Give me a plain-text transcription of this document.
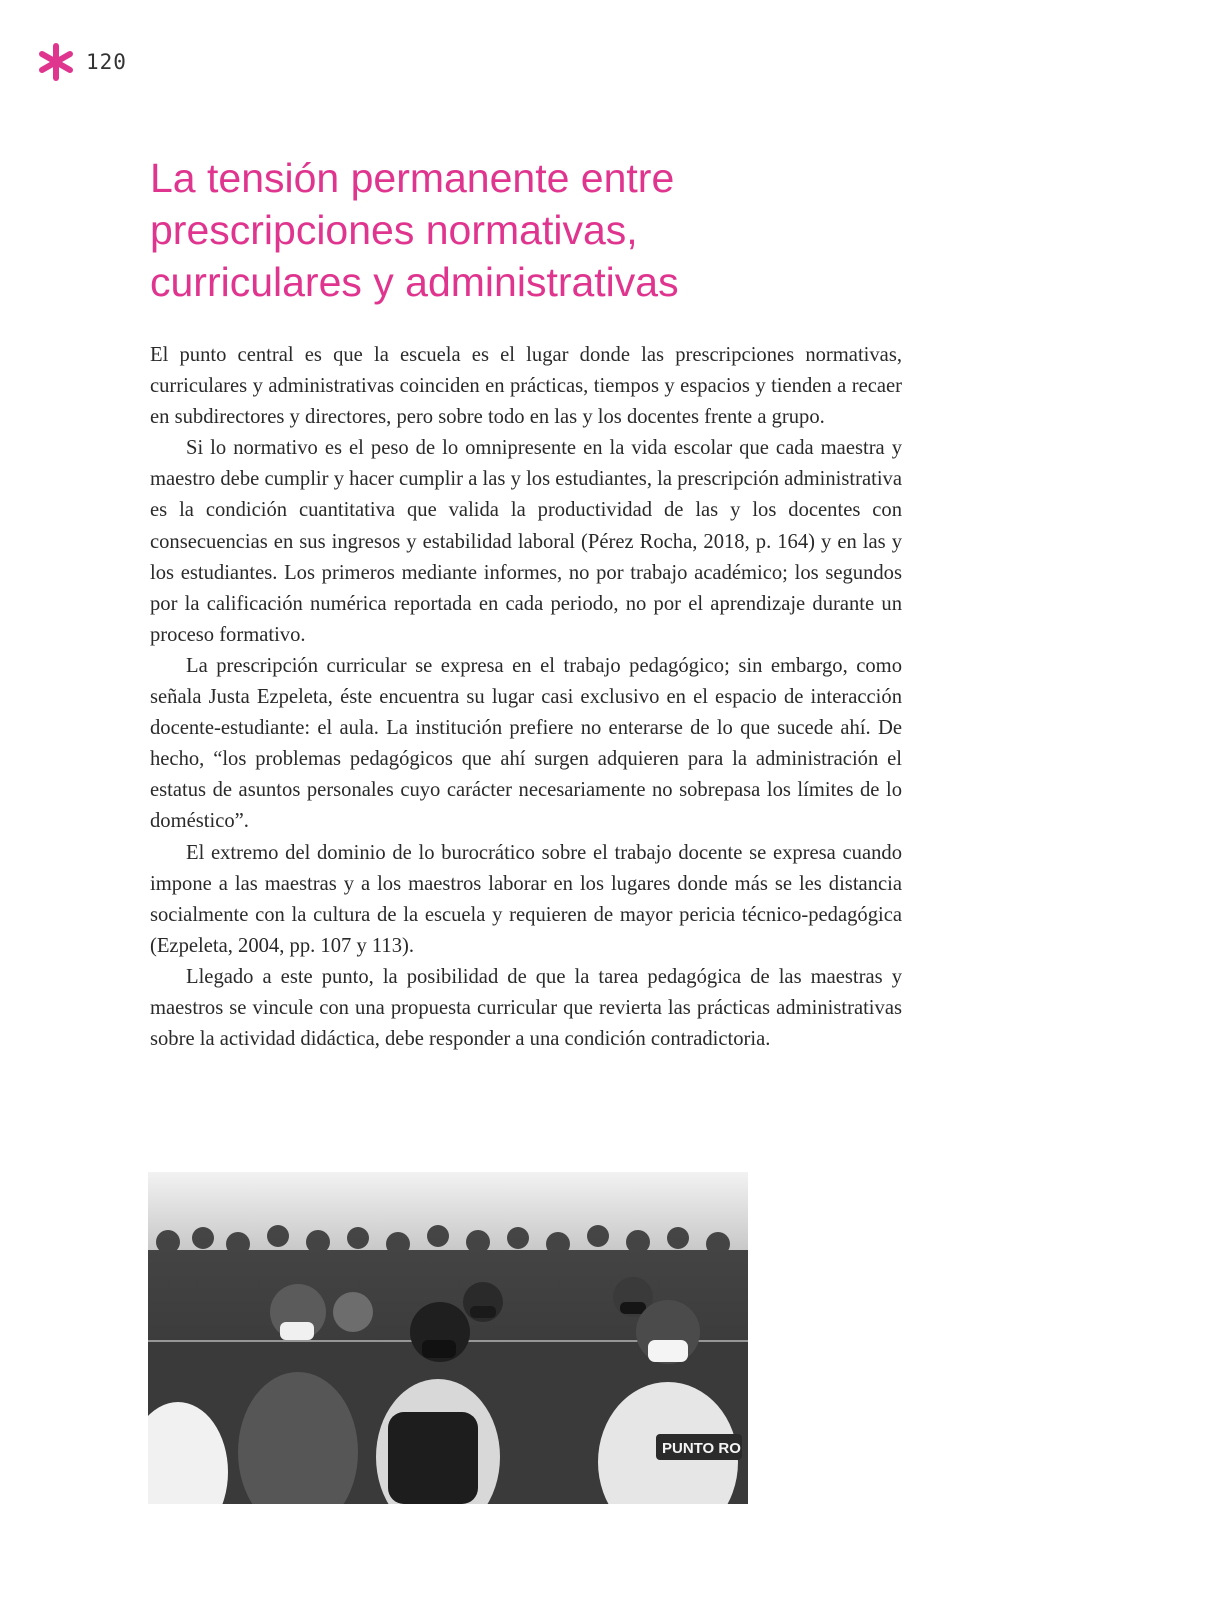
120
La tensión permanente entre
prescripciones normativas,
curriculares y administrativas

El punto central es que la escuela es el lugar donde las prescripciones normativas, curriculares y administrativas coinciden en prácticas, tiempos y espacios y tienden a recaer en subdirectores y directores, pero sobre todo en las y los docentes frente a grupo.

Si lo normativo es el peso de lo omnipresente en la vida escolar que cada maestra y maestro debe cumplir y hacer cumplir a las y los estudiantes, la prescripción administrativa es la condición cuantitativa que valida la productividad de las y los docentes con consecuencias en sus ingresos y estabilidad laboral (Pérez Rocha, 2018, p. 164) y en las y los estudiantes. Los primeros mediante informes, no por trabajo académico; los segundos por la calificación numérica reportada en cada periodo, no por el aprendizaje durante un proceso formativo.

La prescripción curricular se expresa en el trabajo pedagógico; sin embargo, como señala Justa Ezpeleta, éste encuentra su lugar casi exclusivo en el espacio de interacción docente-estudiante: el aula. La institución prefiere no enterarse de lo que sucede ahí. De hecho, “los problemas pedagógicos que ahí surgen adquieren para la administración el estatus de asuntos personales cuyo carácter necesariamente no sobrepasa los límites de lo doméstico”.

El extremo del dominio de lo burocrático sobre el trabajo docente se expresa cuando impone a las maestras y a los maestros laborar en los lugares donde más se les distancia socialmente con la cultura de la escuela y requieren de mayor pericia técnico-pedagógica (Ezpeleta, 2004, pp. 107 y 113).

Llegado a este punto, la posibilidad de que la tarea pedagógica de las maestras y maestros se vincule con una propuesta curricular que revierta las prácticas administrativas sobre la actividad didáctica, debe responder a una condición contradictoria.

PUNTO RO
